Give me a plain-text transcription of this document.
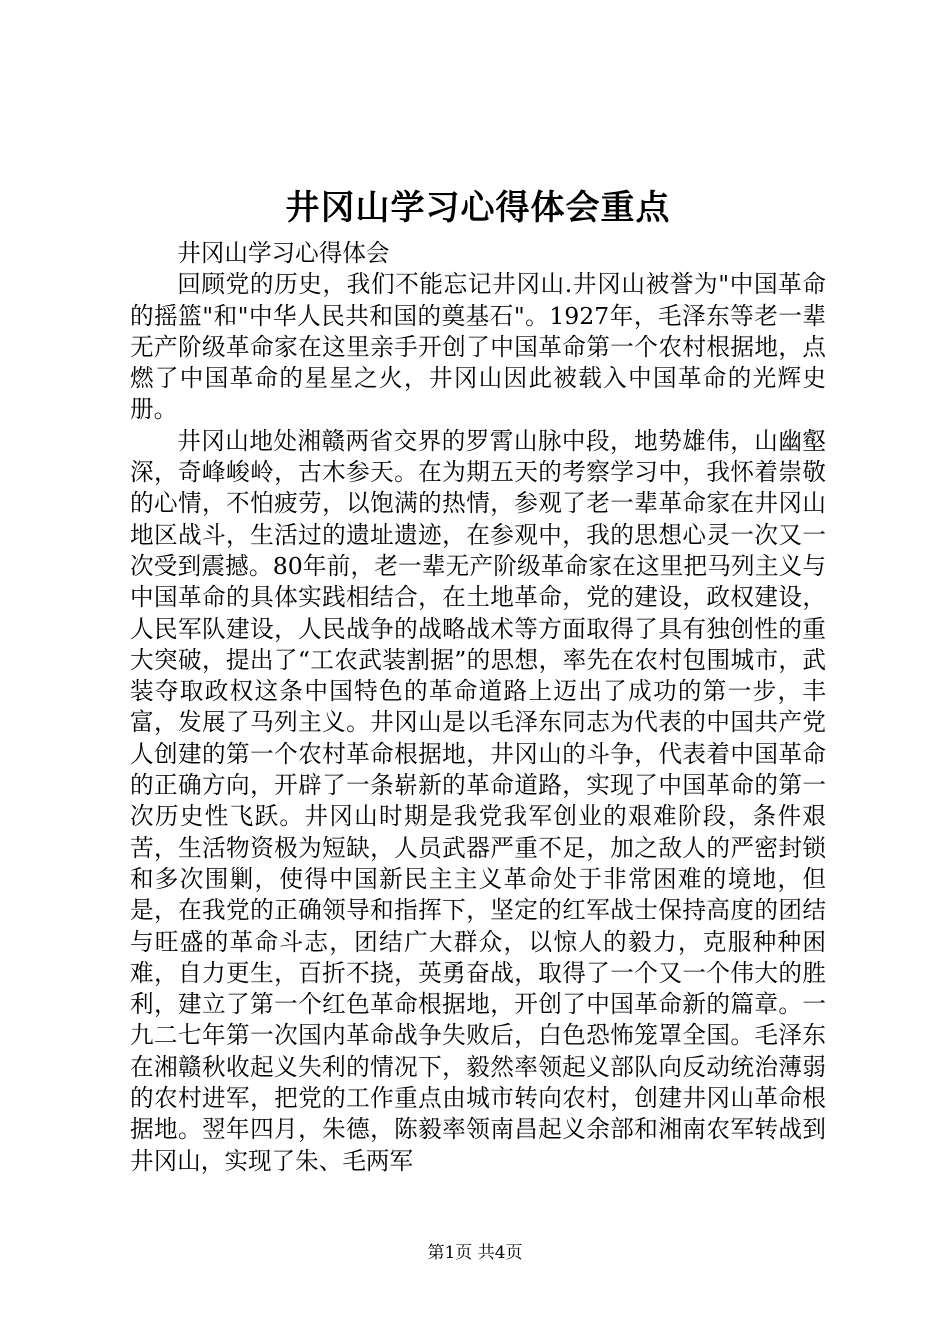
井冈山学习心得体会重点

井冈山学习心得体会

回顾党的历史，我们不能忘记井冈山.井冈山被誉为"中国革命的摇篮"和"中华人民共和国的奠基石"。1927年，毛泽东等老一辈无产阶级革命家在这里亲手开创了中国革命第一个农村根据地，点燃了中国革命的星星之火，井冈山因此被载入中国革命的光辉史册。

井冈山地处湘赣两省交界的罗霄山脉中段，地势雄伟，山幽壑深，奇峰峻岭，古木参天。在为期五天的考察学习中，我怀着崇敬的心情，不怕疲劳，以饱满的热情，参观了老一辈革命家在井冈山地区战斗，生活过的遗址遗迹，在参观中，我的思想心灵一次又一次受到震撼。80年前，老一辈无产阶级革命家在这里把马列主义与中国革命的具体实践相结合，在土地革命，党的建设，政权建设，人民军队建设，人民战争的战略战术等方面取得了具有独创性的重大突破，提出了“工农武装割据”的思想，率先在农村包围城市，武装夺取政权这条中国特色的革命道路上迈出了成功的第一步，丰富，发展了马列主义。井冈山是以毛泽东同志为代表的中国共产党人创建的第一个农村革命根据地，井冈山的斗争，代表着中国革命的正确方向，开辟了一条崭新的革命道路，实现了中国革命的第一次历史性飞跃。井冈山时期是我党我军创业的艰难阶段，条件艰苦，生活物资极为短缺，人员武器严重不足，加之敌人的严密封锁和多次围剿，使得中国新民主主义革命处于非常困难的境地，但是，在我党的正确领导和指挥下，坚定的红军战士保持高度的团结与旺盛的革命斗志，团结广大群众，以惊人的毅力，克服种种困难，自力更生，百折不挠，英勇奋战，取得了一个又一个伟大的胜利，建立了第一个红色革命根据地，开创了中国革命新的篇章。一九二七年第一次国内革命战争失败后，白色恐怖笼罩全国。毛泽东在湘赣秋收起义失利的情况下，毅然率领起义部队向反动统治薄弱的农村进军，把党的工作重点由城市转向农村，创建井冈山革命根据地。翌年四月，朱德，陈毅率领南昌起义余部和湘南农军转战到井冈山，实现了朱、毛两军

第1页 共4页
